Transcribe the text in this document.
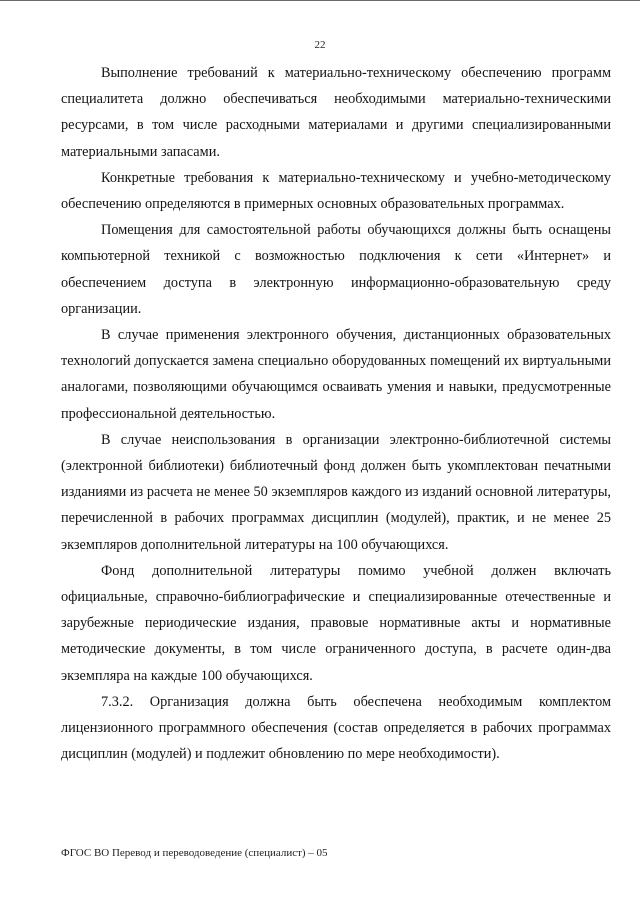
22

Выполнение требований к материально-техническому обеспечению программ специалитета должно обеспечиваться необходимыми материально-техническими ресурсами, в том числе расходными материалами и другими специализированными материальными запасами.

Конкретные требования к материально-техническому и учебно-методическому обеспечению определяются в примерных основных образовательных программах.

Помещения для самостоятельной работы обучающихся должны быть оснащены компьютерной техникой с возможностью подключения к сети «Интернет» и обеспечением доступа в электронную информационно-образовательную среду организации.

В случае применения электронного обучения, дистанционных образовательных технологий допускается замена специально оборудованных помещений их виртуальными аналогами, позволяющими обучающимся осваивать умения и навыки, предусмотренные профессиональной деятельностью.

В случае неиспользования в организации электронно-библиотечной системы (электронной библиотеки) библиотечный фонд должен быть укомплектован печатными изданиями из расчета не менее 50 экземпляров каждого из изданий основной литературы, перечисленной в рабочих программах дисциплин (модулей), практик, и не менее 25 экземпляров дополнительной литературы на 100 обучающихся.

Фонд дополнительной литературы помимо учебной должен включать официальные, справочно-библиографические и специализированные отечественные и зарубежные периодические издания, правовые нормативные акты и нормативные методические документы, в том числе ограниченного доступа, в расчете один-два экземпляра на каждые 100 обучающихся.

7.3.2. Организация должна быть обеспечена необходимым комплектом лицензионного программного обеспечения (состав определяется в рабочих программах дисциплин (модулей) и подлежит обновлению по мере необходимости).

ФГОС ВО Перевод и переводоведение (специалист) – 05
